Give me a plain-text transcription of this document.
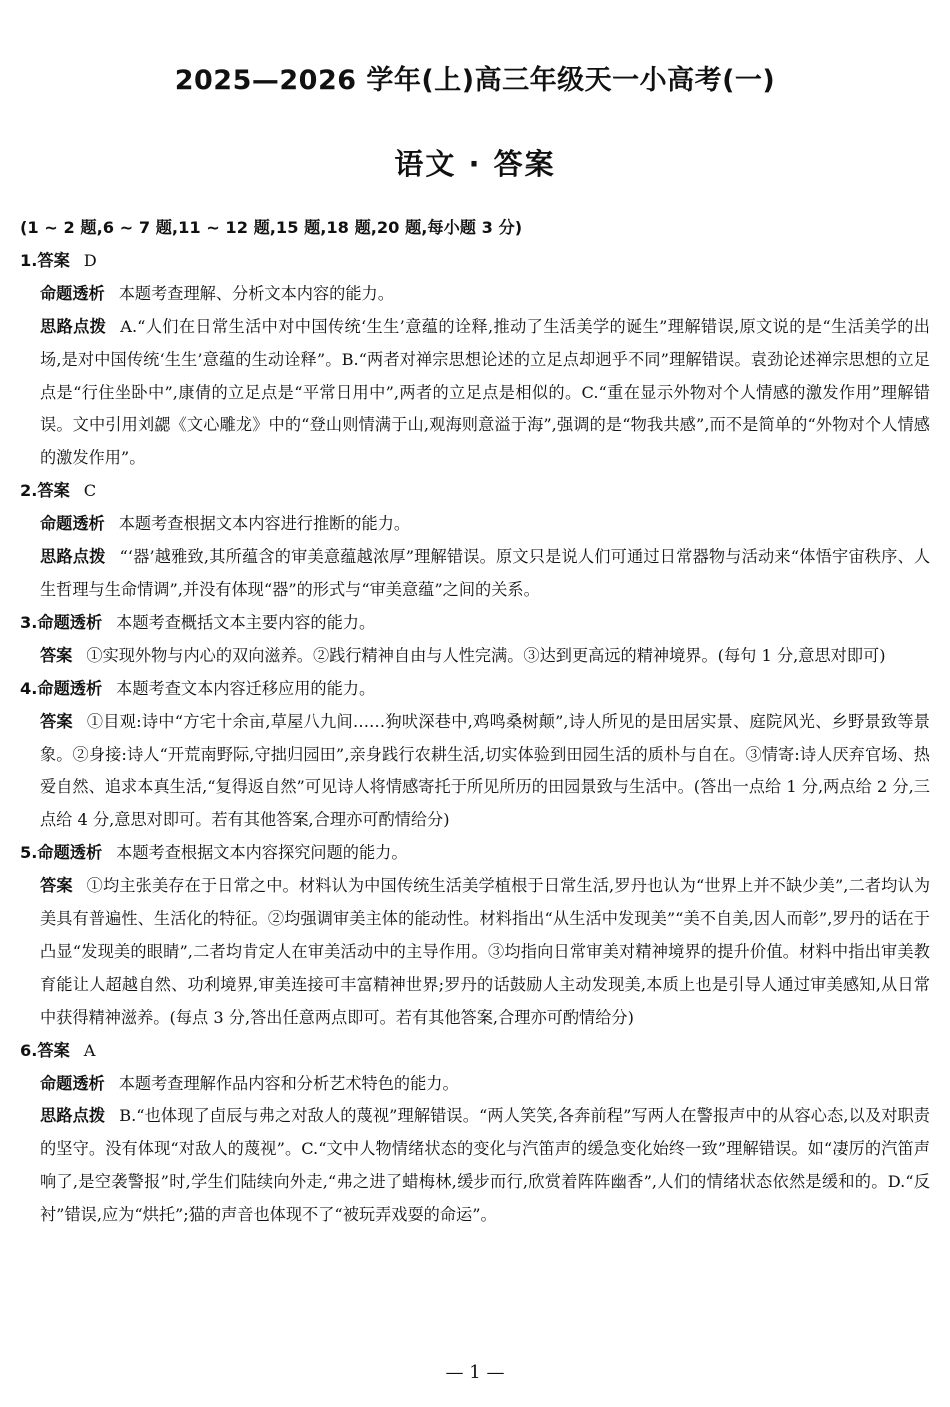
2025—2026 学年(上)高三年级天一小高考(一)
语文 · 答案

(1 ~ 2 题,6 ~ 7 题,11 ~ 12 题,15 题,18 题,20 题,每小题 3 分)

1.答案 D

命题透析 本题考查理解、分析文本内容的能力。

思路点拨 A.“人们在日常生活中对中国传统‘生生’意蕴的诠释,推动了生活美学的诞生”理解错误,原文说的是“生活美学的出场,是对中国传统‘生生’意蕴的生动诠释”。B.“两者对禅宗思想论述的立足点却迥乎不同”理解错误。袁劲论述禅宗思想的立足点是“行住坐卧中”,康倩的立足点是“平常日用中”,两者的立足点是相似的。C.“重在显示外物对个人情感的激发作用”理解错误。文中引用刘勰《文心雕龙》中的“登山则情满于山,观海则意溢于海”,强调的是“物我共感”,而不是简单的“外物对个人情感的激发作用”。

2.答案 C

命题透析 本题考查根据文本内容进行推断的能力。

思路点拨 “‘器’越雅致,其所蕴含的审美意蕴越浓厚”理解错误。原文只是说人们可通过日常器物与活动来“体悟宇宙秩序、人生哲理与生命情调”,并没有体现“器”的形式与“审美意蕴”之间的关系。

3.命题透析 本题考查概括文本主要内容的能力。

答案 ①实现外物与内心的双向滋养。②践行精神自由与人性完满。③达到更高远的精神境界。(每句 1 分,意思对即可)

4.命题透析 本题考查文本内容迁移应用的能力。

答案 ①目观:诗中“方宅十余亩,草屋八九间……狗吠深巷中,鸡鸣桑树颠”,诗人所见的是田居实景、庭院风光、乡野景致等景象。②身接:诗人“开荒南野际,守拙归园田”,亲身践行农耕生活,切实体验到田园生活的质朴与自在。③情寄:诗人厌弃官场、热爱自然、追求本真生活,“复得返自然”可见诗人将情感寄托于所见所历的田园景致与生活中。(答出一点给 1 分,两点给 2 分,三点给 4 分,意思对即可。若有其他答案,合理亦可酌情给分)

5.命题透析 本题考查根据文本内容探究问题的能力。

答案 ①均主张美存在于日常之中。材料认为中国传统生活美学植根于日常生活,罗丹也认为“世界上并不缺少美”,二者均认为美具有普遍性、生活化的特征。②均强调审美主体的能动性。材料指出“从生活中发现美”“美不自美,因人而彰”,罗丹的话在于凸显“发现美的眼睛”,二者均肯定人在审美活动中的主导作用。③均指向日常审美对精神境界的提升价值。材料中指出审美教育能让人超越自然、功利境界,审美连接可丰富精神世界;罗丹的话鼓励人主动发现美,本质上也是引导人通过审美感知,从日常中获得精神滋养。(每点 3 分,答出任意两点即可。若有其他答案,合理亦可酌情给分)

6.答案 A

命题透析 本题考查理解作品内容和分析艺术特色的能力。

思路点拨 B.“也体现了卣辰与弗之对敌人的蔑视”理解错误。“两人笑笑,各奔前程”写两人在警报声中的从容心态,以及对职责的坚守。没有体现“对敌人的蔑视”。C.“文中人物情绪状态的变化与汽笛声的缓急变化始终一致”理解错误。如“凄厉的汽笛声响了,是空袭警报”时,学生们陆续向外走,“弗之进了蜡梅林,缓步而行,欣赏着阵阵幽香”,人们的情绪状态依然是缓和的。D.“反衬”错误,应为“烘托”;猫的声音也体现不了“被玩弄戏耍的命运”。

— 1 —
